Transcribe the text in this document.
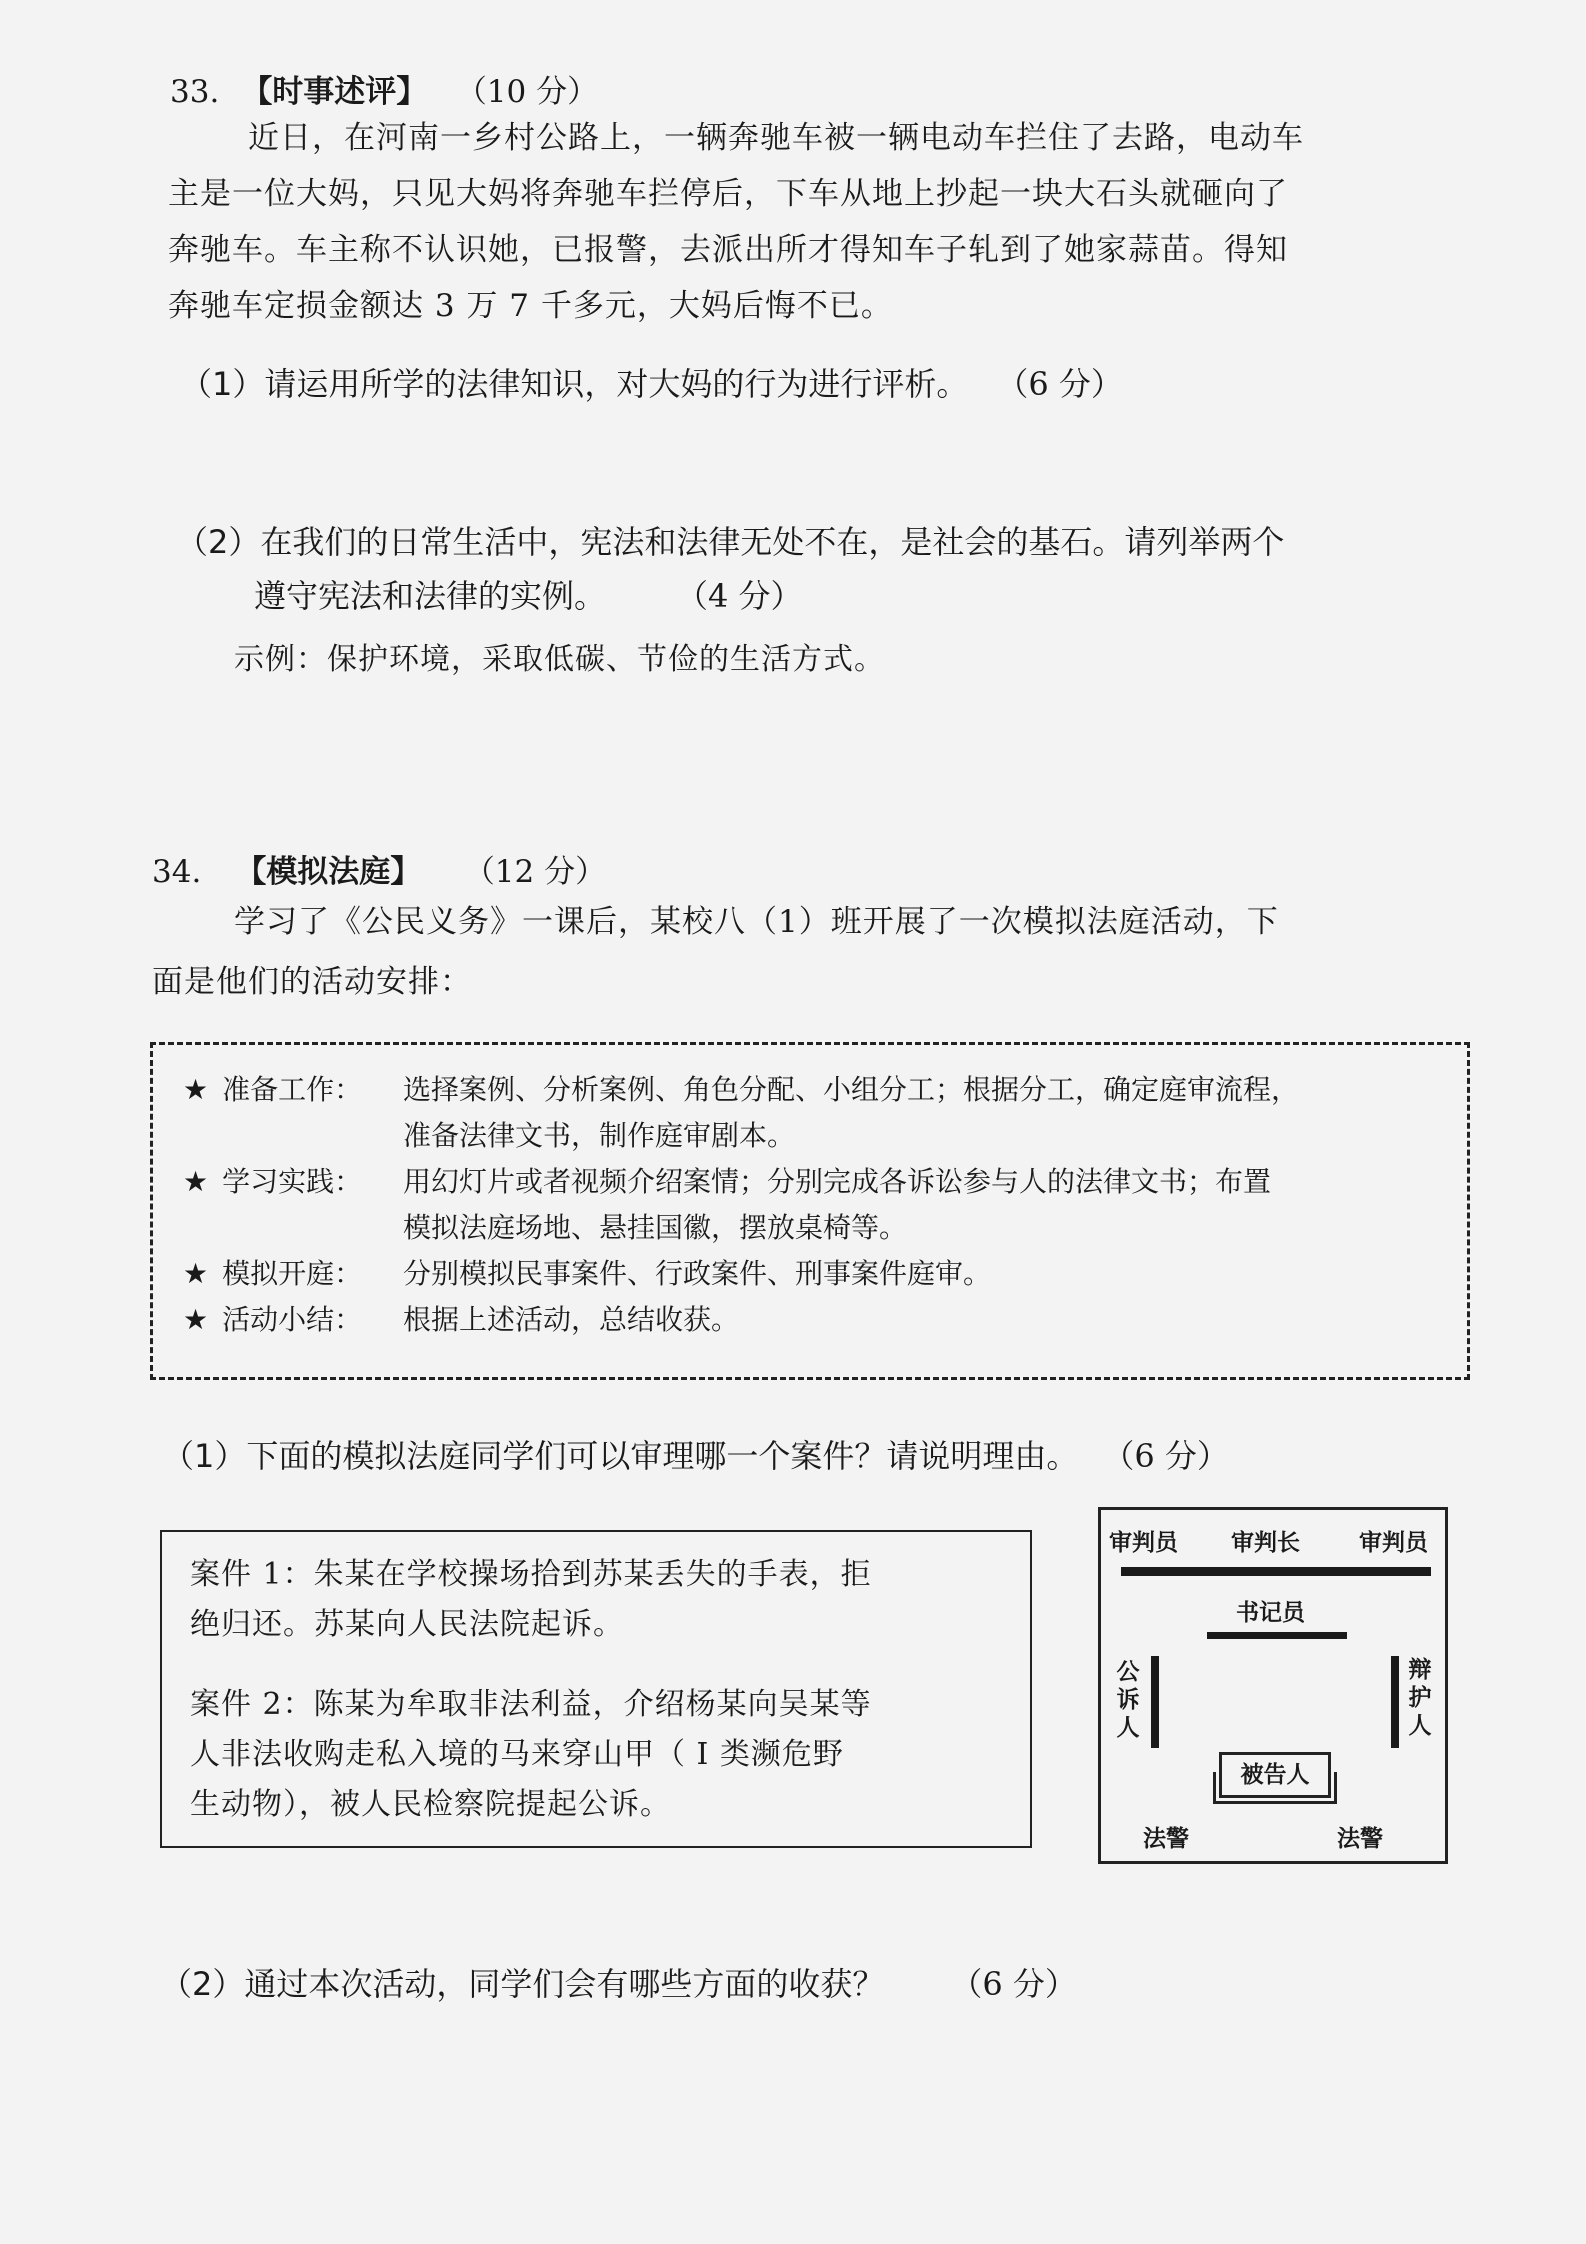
33. 【时事述评】 （10 分）
近日，在河南一乡村公路上，一辆奔驰车被一辆电动车拦住了去路，电动车
主是一位大妈，只见大妈将奔驰车拦停后，下车从地上抄起一块大石头就砸向了
奔驰车。车主称不认识她，已报警，去派出所才得知车子轧到了她家蒜苗。得知
奔驰车定损金额达 3 万 7 千多元，大妈后悔不已。
（1）请运用所学的法律知识，对大妈的行为进行评析。 （6 分）
（2）在我们的日常生活中，宪法和法律无处不在，是社会的基石。请列举两个
遵守宪法和法律的实例。	（4 分）
示例：保护环境，采取低碳、节俭的生活方式。
34. 【模拟法庭】 （12 分）
学习了《公民义务》一课后，某校八（1）班开展了一次模拟法庭活动，下
面是他们的活动安排：
★ 准备工作：	选择案例、分析案例、角色分配、小组分工；根据分工，确定庭审流程，
准备法律文书，制作庭审剧本。
★ 学习实践：	用幻灯片或者视频介绍案情；分别完成各诉讼参与人的法律文书；布置
模拟法庭场地、悬挂国徽，摆放桌椅等。
★ 模拟开庭：	分别模拟民事案件、行政案件、刑事案件庭审。
★ 活动小结：	根据上述活动，总结收获。
（1）下面的模拟法庭同学们可以审理哪一个案件？请说明理由。 （6 分）
案件 1：朱某在学校操场拾到苏某丢失的手表，拒
绝归还。苏某向人民法院起诉。
案件 2：陈某为牟取非法利益，介绍杨某向吴某等
人非法收购走私入境的马来穿山甲（ Ⅰ 类濒危野
生动物），被人民检察院提起公诉。
审判员 审判长	审判员
书记员
公诉人
辩护人
被告人
法警	法警
（2）通过本次活动，同学们会有哪些方面的收获？ （6 分）
